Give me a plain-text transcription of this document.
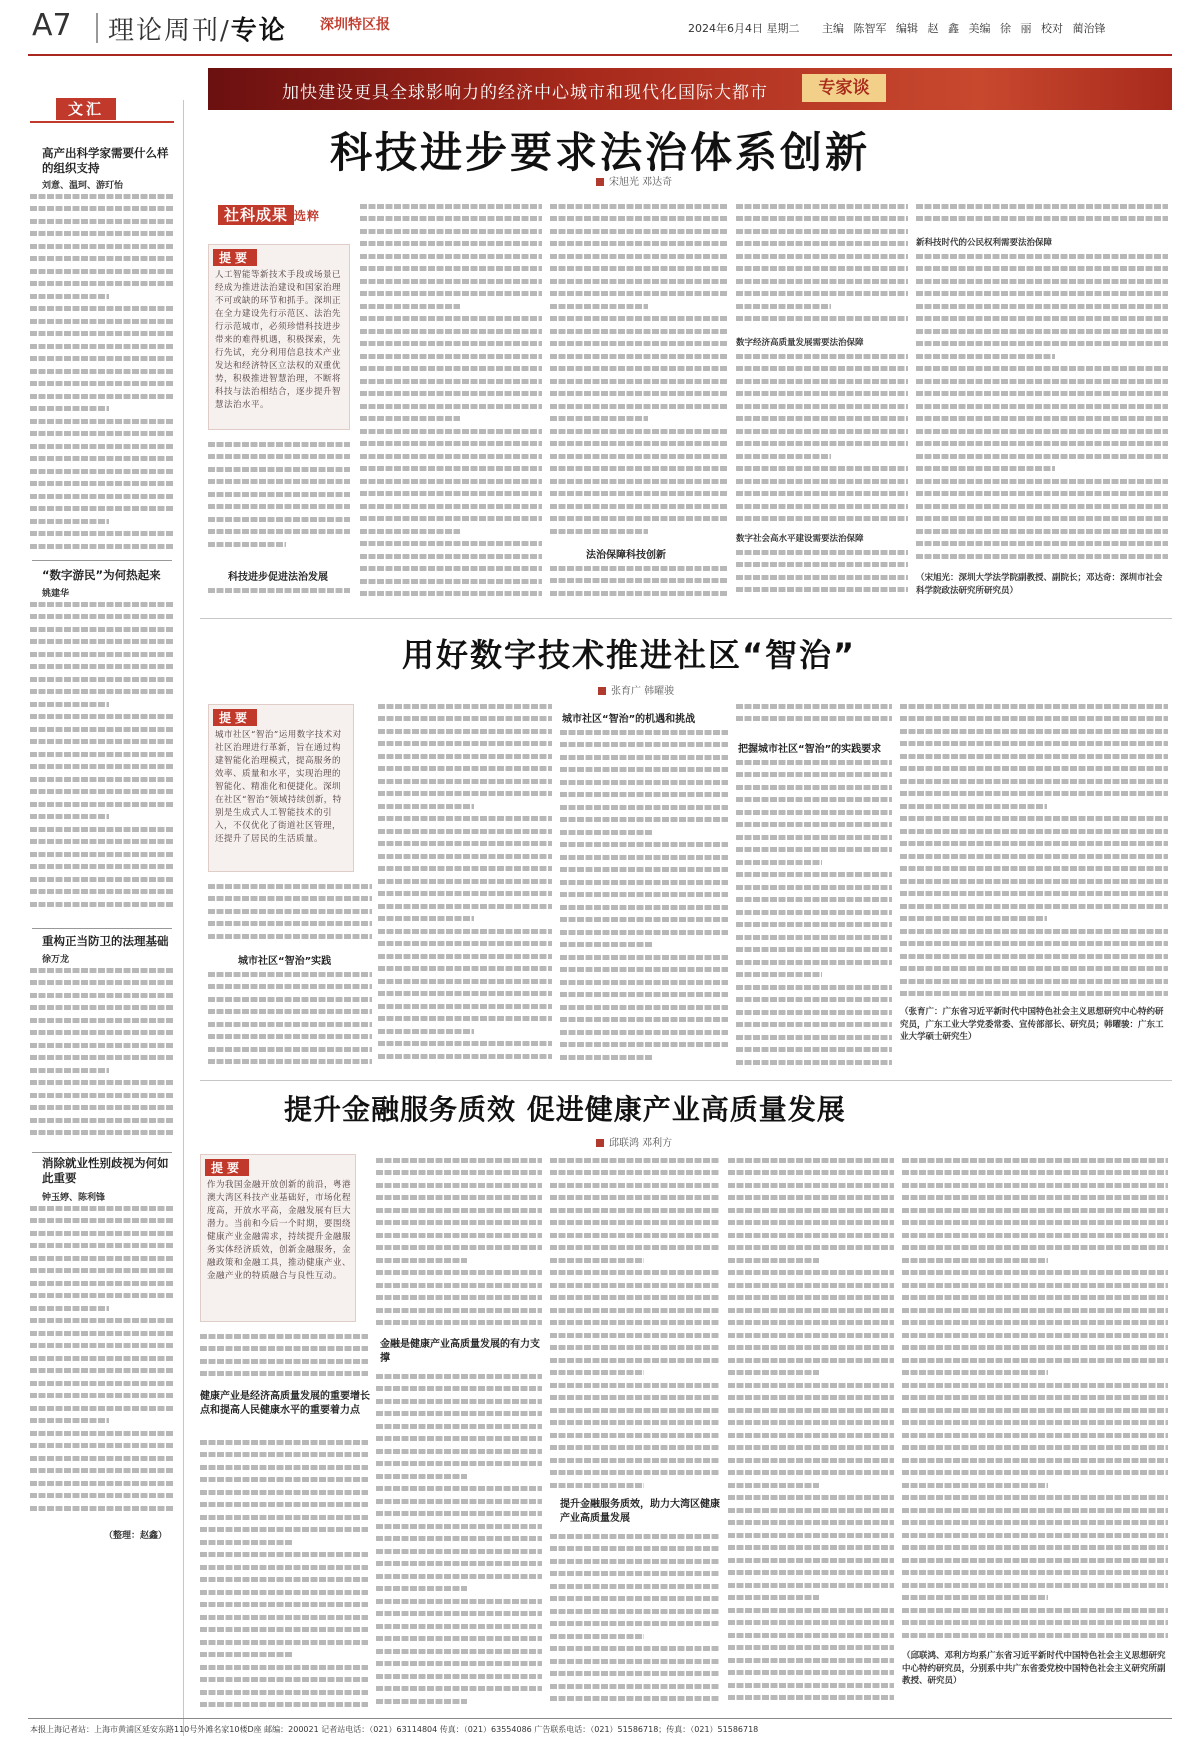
A7 理论周刊/专论 深圳特区报	2024年6月4日 星期二 主编 陈智军 编辑 赵 鑫 美编 徐 丽 校对 蔺治锋
加快建设更具全球影响力的经济中心城市和现代化国际大都市	专家谈
文汇
高产出科学家需要什么样的组织支持
刘意、温珂、游玎怡
“数字游民”为何热起来
姚建华
重构正当防卫的法理基础
徐万龙
消除就业性别歧视为何如此重要
钟玉婷、陈利锋
（整理：赵鑫）
科技进步要求法治体系创新
宋旭光 邓达奇
社科成果 选粹
提要
人工智能等新技术手段或场景已经成为推进法治建设和国家治理不可或缺的环节和抓手。深圳正在全力建设先行示范区、法治先行示范城市，必须珍惜科技进步带来的难得机遇，积极探索，先行先试，充分利用信息技术产业发达和经济特区立法权的双重优势，积极推进智慧治理，不断将科技与法治相结合，逐步提升智慧法治水平。
科技进步促进法治发展
法治保障科技创新
数字经济高质量发展需要法治保障
数字社会高水平建设需要法治保障
新科技时代的公民权利需要法治保障
（宋旭光：深圳大学法学院副教授、副院长；邓达奇：深圳市社会科学院政法研究所研究员）
用好数字技术推进社区“智治”
张育广 韩曜骏
提要
城市社区“智治”运用数字技术对社区治理进行革新，旨在通过构建智能化治理模式，提高服务的效率、质量和水平，实现治理的智能化、精准化和便捷化。深圳在社区“智治”领域持续创新，特别是生成式人工智能技术的引入，不仅优化了街道社区管理，还提升了居民的生活质量。
城市社区“智治”实践
城市社区“智治”的机遇和挑战
把握城市社区“智治”的实践要求
（张育广：广东省习近平新时代中国特色社会主义思想研究中心特约研究员，广东工业大学党委常委、宣传部部长、研究员；韩曜骏：广东工业大学硕士研究生）
提升金融服务质效 促进健康产业高质量发展
邱联鸿 邓利方
提要
作为我国金融开放创新的前沿，粤港澳大湾区科技产业基础好，市场化程度高，开放水平高，金融发展有巨大潜力。当前和今后一个时期，要围绕健康产业金融需求，持续提升金融服务实体经济质效，创新金融服务，金融政策和金融工具，推动健康产业、金融产业的特质融合与良性互动。
健康产业是经济高质量发展的重要增长点和提高人民健康水平的重要着力点
金融是健康产业高质量发展的有力支撑
提升金融服务质效，助力大湾区健康产业高质量发展
（邱联鸿、邓利方均系广东省习近平新时代中国特色社会主义思想研究中心特约研究员，分别系中共广东省委党校中国特色社会主义研究所副教授、研究员）
本报上海记者站：上海市黄浦区延安东路110号外滩名家10楼D座 邮编：200021 记者站电话：（021）63114804 传真：（021）63554086 广告联系电话：（021）51586718；传真：（021）51586718
